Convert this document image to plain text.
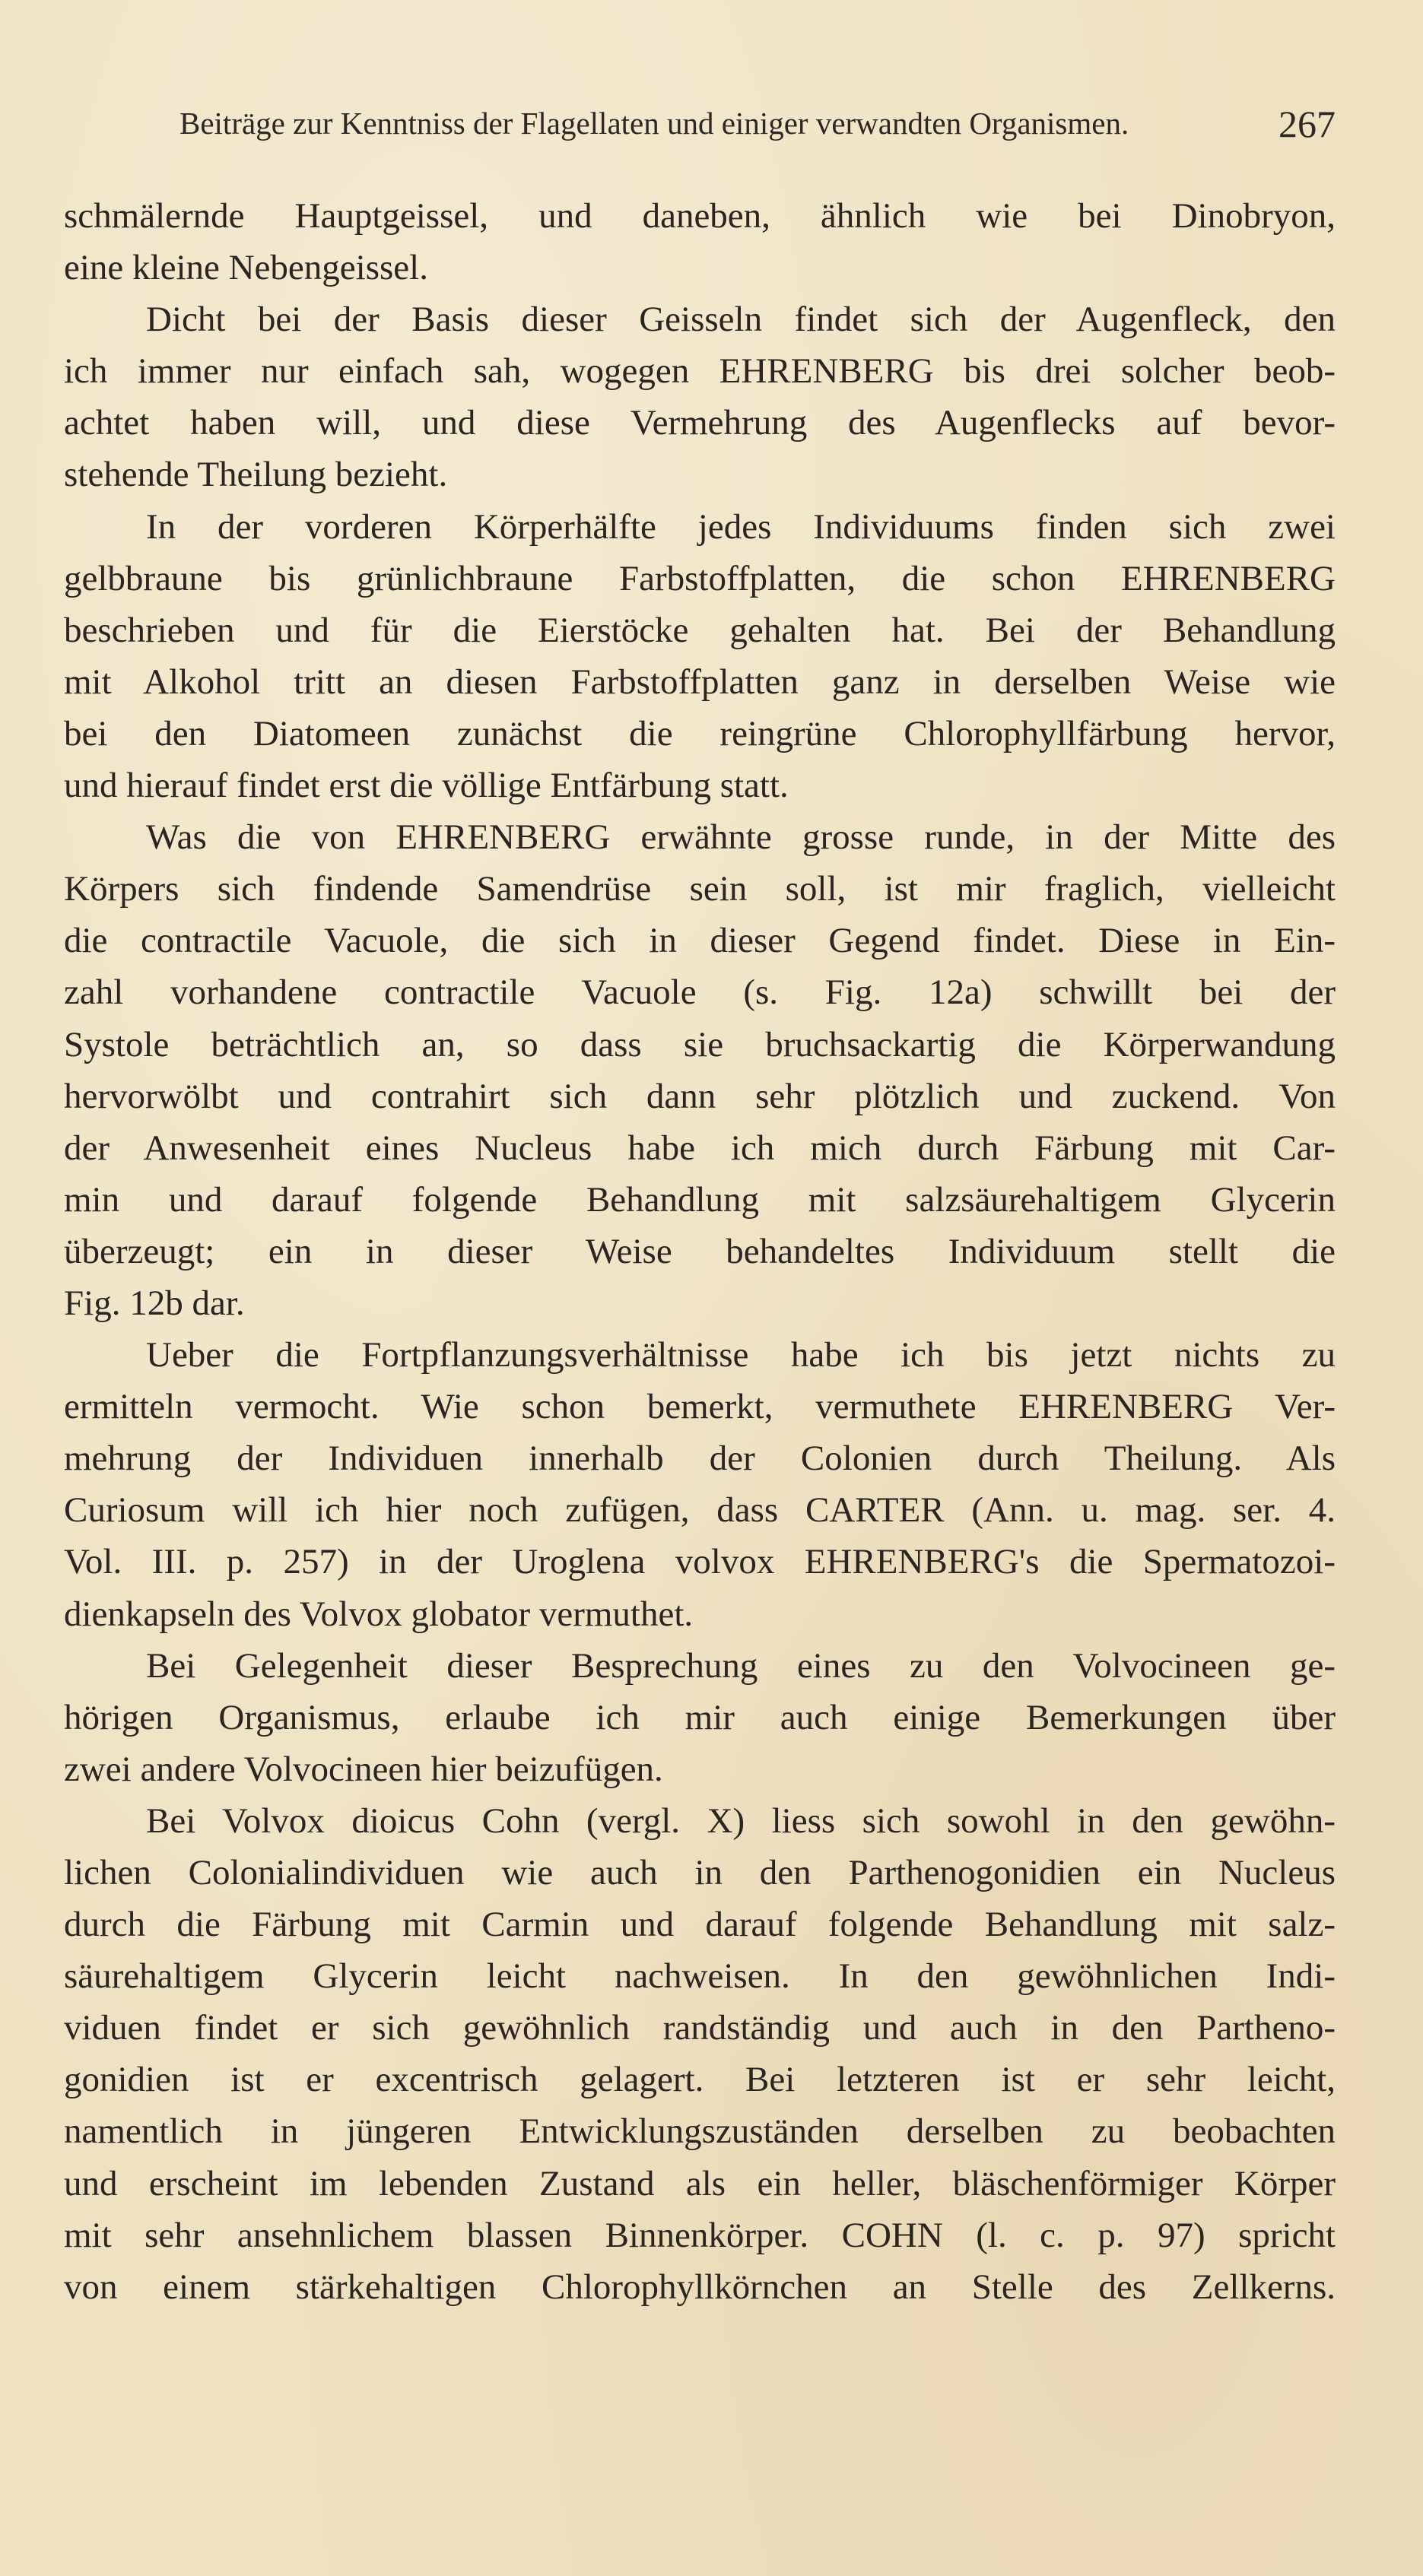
Beiträge zur Kenntniss der Flagellaten und einiger verwandten Organismen.	267
schmälernde Hauptgeissel, und daneben, ähnlich wie bei Dinobryon,
eine kleine Nebengeissel.
Dicht bei der Basis dieser Geisseln findet sich der Augenfleck, den
ich immer nur einfach sah, wogegen EHRENBERG bis drei solcher beob-
achtet haben will, und diese Vermehrung des Augenflecks auf bevor-
stehende Theilung bezieht.
In der vorderen Körperhälfte jedes Individuums finden sich zwei
gelbbraune bis grünlichbraune Farbstoffplatten, die schon EHRENBERG
beschrieben und für die Eierstöcke gehalten hat. Bei der Behandlung
mit Alkohol tritt an diesen Farbstoffplatten ganz in derselben Weise wie
bei den Diatomeen zunächst die reingrüne Chlorophyllfärbung hervor,
und hierauf findet erst die völlige Entfärbung statt.
Was die von EHRENBERG erwähnte grosse runde, in der Mitte des
Körpers sich findende Samendrüse sein soll, ist mir fraglich, vielleicht
die contractile Vacuole, die sich in dieser Gegend findet. Diese in Ein-
zahl vorhandene contractile Vacuole (s. Fig. 12a) schwillt bei der
Systole beträchtlich an, so dass sie bruchsackartig die Körperwandung
hervorwölbt und contrahirt sich dann sehr plötzlich und zuckend. Von
der Anwesenheit eines Nucleus habe ich mich durch Färbung mit Car-
min und darauf folgende Behandlung mit salzsäurehaltigem Glycerin
überzeugt; ein in dieser Weise behandeltes Individuum stellt die
Fig. 12b dar.
Ueber die Fortpflanzungsverhältnisse habe ich bis jetzt nichts zu
ermitteln vermocht. Wie schon bemerkt, vermuthete EHRENBERG Ver-
mehrung der Individuen innerhalb der Colonien durch Theilung. Als
Curiosum will ich hier noch zufügen, dass CARTER (Ann. u. mag. ser. 4.
Vol. III. p. 257) in der Uroglena volvox EHRENBERG's die Spermatozoi-
dienkapseln des Volvox globator vermuthet.
Bei Gelegenheit dieser Besprechung eines zu den Volvocineen ge-
hörigen Organismus, erlaube ich mir auch einige Bemerkungen über
zwei andere Volvocineen hier beizufügen.
Bei Volvox dioicus Cohn (vergl. X) liess sich sowohl in den gewöhn-
lichen Colonialindividuen wie auch in den Parthenogonidien ein Nucleus
durch die Färbung mit Carmin und darauf folgende Behandlung mit salz-
säurehaltigem Glycerin leicht nachweisen. In den gewöhnlichen Indi-
viduen findet er sich gewöhnlich randständig und auch in den Partheno-
gonidien ist er excentrisch gelagert. Bei letzteren ist er sehr leicht,
namentlich in jüngeren Entwicklungszuständen derselben zu beobachten
und erscheint im lebenden Zustand als ein heller, bläschenförmiger Körper
mit sehr ansehnlichem blassen Binnenkörper. COHN (l. c. p. 97) spricht
von einem stärkehaltigen Chlorophyllkörnchen an Stelle des Zellkerns.
